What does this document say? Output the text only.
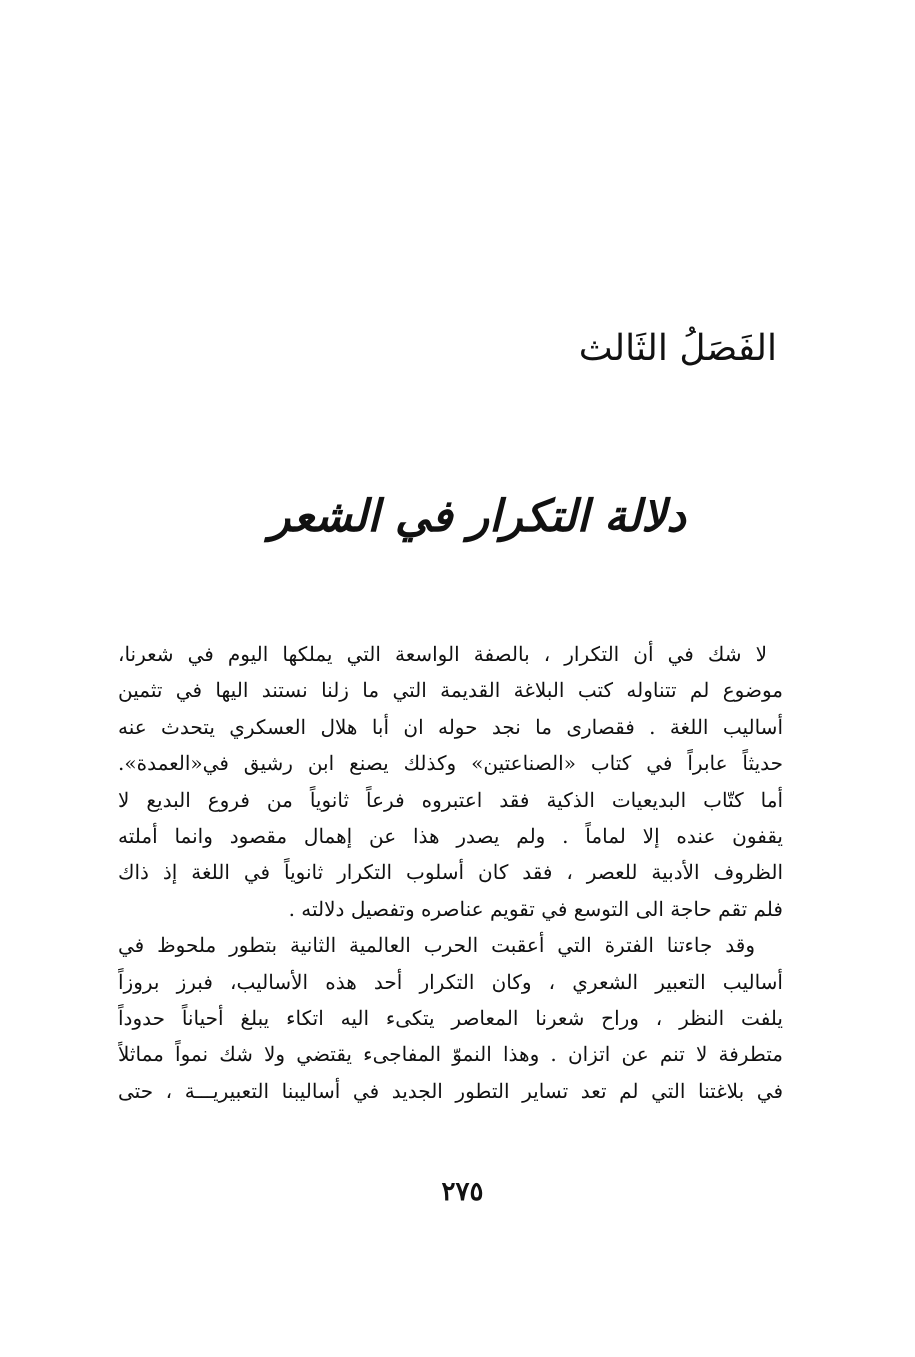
الفَصَلُ الثَالث
دلالة التكرار في الشعر
لا شك في أن التكرار ، بالصفة الواسعة التي يملكها اليوم في شعرنا،
موضوع لم تتناوله كتب البلاغة القديمة التي ما زلنا نستند اليها في تثمين
أساليب اللغة . فقصارى ما نجد حوله ان أبا هلال العسكري يتحدث عنه
حديثاً عابراً في كتاب «الصناعتين» وكذلك يصنع ابن رشيق في«العمدة».
أما كتّاب البديعيات الذكية فقد اعتبروه فرعاً ثانوياً من فروع البديع لا
يقفون عنده إلا لماماً . ولم يصدر هذا عن إهمال مقصود وانما أملته
الظروف الأدبية للعصر ، فقد كان أسلوب التكرار ثانوياً في اللغة إذ ذاك
فلم تقم حاجة الى التوسع في تقويم عناصره وتفصيل دلالته .
وقد جاءتنا الفترة التي أعقبت الحرب العالمية الثانية بتطور ملحوظ في
أساليب التعبير الشعري ، وكان التكرار أحد هذه الأساليب، فبرز بروزاً
يلفت النظر ، وراح شعرنا المعاصر يتكىء اليه اتكاء يبلغ أحياناً حدوداً
متطرفة لا تنم عن اتزان . وهذا النموّ المفاجىء يقتضي ولا شك نمواً مماثلاً
في بلاغتنا التي لم تعد تساير التطور الجديد في أساليبنا التعبيريـــة ، حتى
٢٧٥
